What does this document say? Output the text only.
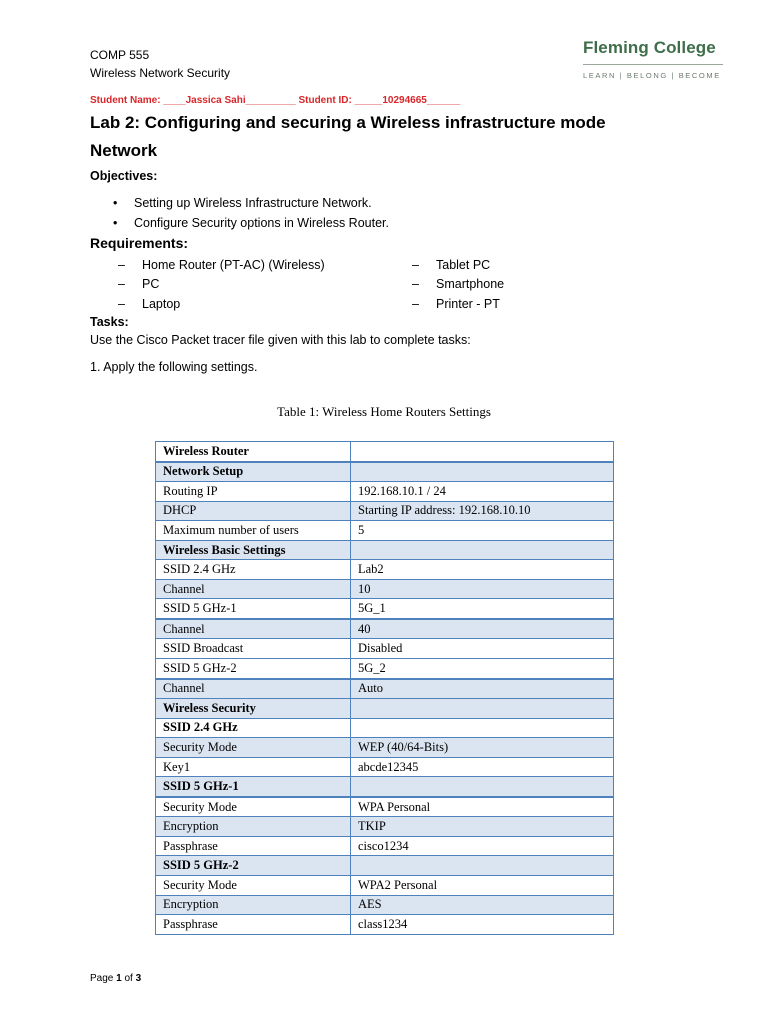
COMP 555
Wireless Network Security
Fleming College
LEARN | BELONG | BECOME
Student Name: ____Jassica Sahi_________ Student ID: _____10294665______
Lab 2: Configuring and securing a Wireless infrastructure mode
Network
Objectives:
• Setting up Wireless Infrastructure Network.
• Configure Security options in Wireless Router.
Requirements:
– Home Router (PT-AC) (Wireless)
– PC
– Laptop
– Tablet PC
– Smartphone
– Printer - PT
Tasks:
Use the Cisco Packet tracer file given with this lab to complete tasks:
1. Apply the following settings.
Table 1: Wireless Home Routers Settings
Wireless Router	
Network Setup	
Routing IP	192.168.10.1 / 24
DHCP	Starting IP address: 192.168.10.10
Maximum number of users	5
Wireless Basic Settings	
SSID 2.4 GHz	Lab2
Channel	10
SSID 5 GHz-1	5G_1
Channel	40
SSID Broadcast	Disabled
SSID 5 GHz-2	5G_2
Channel	Auto
Wireless Security	
SSID 2.4 GHz	
Security Mode	WEP (40/64-Bits)
Key1	abcde12345
SSID 5 GHz-1	
Security Mode	WPA Personal
Encryption	TKIP
Passphrase	cisco1234
SSID 5 GHz-2	
Security Mode	WPA2 Personal
Encryption	AES
Passphrase	class1234
Page 1 of 3
